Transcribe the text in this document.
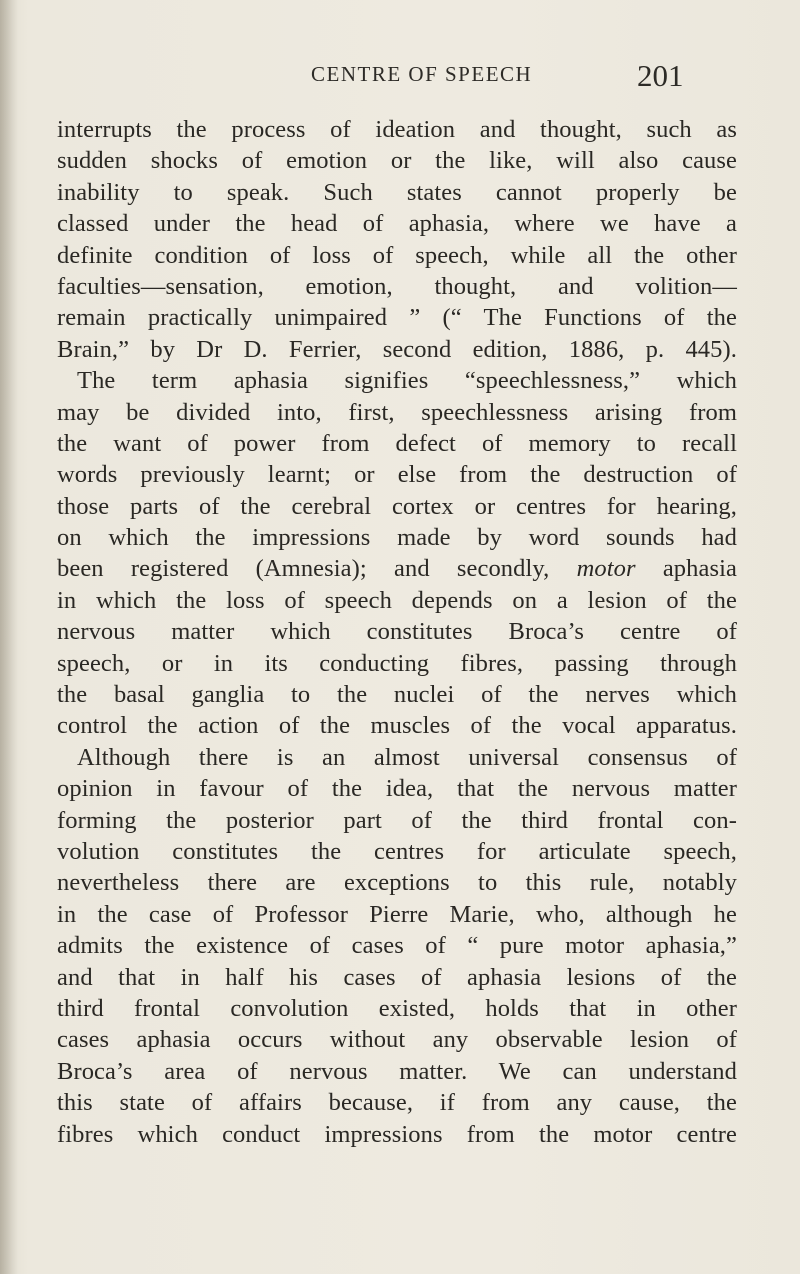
CENTRE OF SPEECH	201
interrupts the process of ideation and thought, such as
sudden shocks of emotion or the like, will also cause
inability to speak. Such states cannot properly be
classed under the head of aphasia, where we have a
definite condition of loss of speech, while all the other
faculties—sensation, emotion, thought, and volition—
remain practically unimpaired ” (“ The Functions of the
Brain,” by Dr D. Ferrier, second edition, 1886, p. 445).
The term aphasia signifies “speechlessness,” which
may be divided into, first, speechlessness arising from
the want of power from defect of memory to recall
words previously learnt; or else from the destruction of
those parts of the cerebral cortex or centres for hearing,
on which the impressions made by word sounds had
been registered (Amnesia); and secondly, motor aphasia
in which the loss of speech depends on a lesion of the
nervous matter which constitutes Broca’s centre of
speech, or in its conducting fibres, passing through
the basal ganglia to the nuclei of the nerves which
control the action of the muscles of the vocal apparatus.
Although there is an almost universal consensus of
opinion in favour of the idea, that the nervous matter
forming the posterior part of the third frontal con-
volution constitutes the centres for articulate speech,
nevertheless there are exceptions to this rule, notably
in the case of Professor Pierre Marie, who, although he
admits the existence of cases of “ pure motor aphasia,”
and that in half his cases of aphasia lesions of the
third frontal convolution existed, holds that in other
cases aphasia occurs without any observable lesion of
Broca’s area of nervous matter. We can understand
this state of affairs because, if from any cause, the
fibres which conduct impressions from the motor centre
